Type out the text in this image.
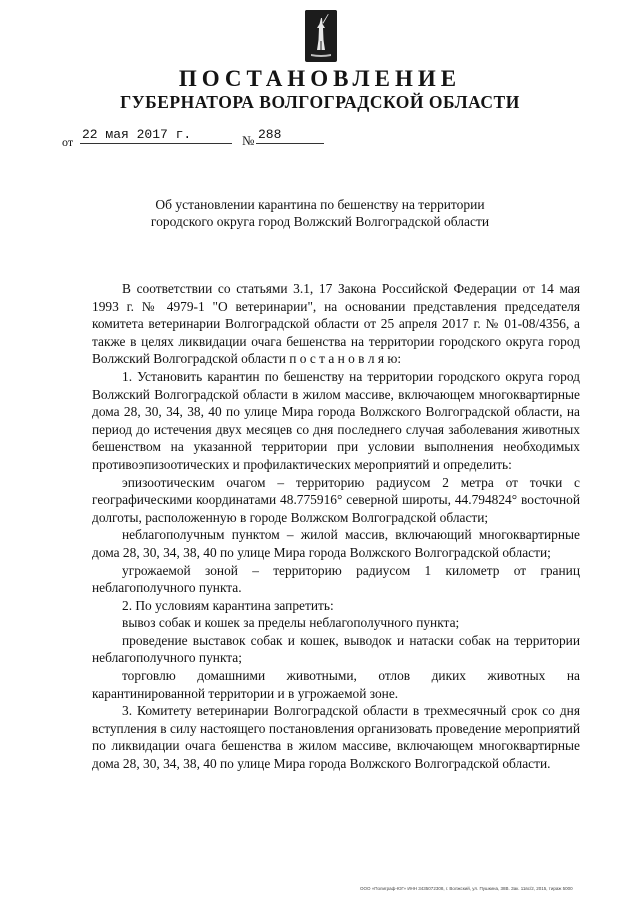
ПОСТАНОВЛЕНИЕ
ГУБЕРНАТОРА ВОЛГОГРАДСКОЙ ОБЛАСТИ
от 22 мая 2017 г.	№ 288
Об установлении карантина по бешенству на территории
городского округа город Волжский Волгоградской области

В соответствии со статьями 3.1, 17 Закона Российской Федерации от 14 мая 1993 г. № 4979-1 "О ветеринарии", на основании представления председателя комитета ветеринарии Волгоградской области от 25 апреля 2017 г. № 01-08/4356, а также в целях ликвидации очага бешенства на территории городского округа город Волжский Волгоградской области п о с т а н о в л я ю:

1. Установить карантин по бешенству на территории городского округа город Волжский Волгоградской области в жилом массиве, включающем многоквартирные дома 28, 30, 34, 38, 40 по улице Мира города Волжского Волгоградской области, на период до истечения двух месяцев со дня последнего случая заболевания животных бешенством на указанной территории при условии выполнения необходимых противоэпизоотических и профилактических мероприятий и определить:

эпизоотическим очагом – территорию радиусом 2 метра от точки с географическими координатами 48.775916° северной широты, 44.794824° восточной долготы, расположенную в городе Волжском Волгоградской области;

неблагополучным пунктом – жилой массив, включающий многоквартирные дома 28, 30, 34, 38, 40 по улице Мира города Волжского Волгоградской области;

угрожаемой зоной – территорию радиусом 1 километр от границ неблагополучного пункта.

2. По условиям карантина запретить:

вывоз собак и кошек за пределы неблагополучного пункта;

проведение выставок собак и кошек, выводок и натаски собак на территории неблагополучного пункта;

торговлю домашними животными, отлов диких животных на карантинированной территории и в угрожаемой зоне.

3. Комитету ветеринарии Волгоградской области в трехмесячный срок со дня вступления в силу настоящего постановления организовать проведение мероприятий по ликвидации очага бешенства в жилом массиве, включающем многоквартирные дома 28, 30, 34, 38, 40 по улице Мира города Волжского Волгоградской области.

ООО «Полиграф-ЮГ» ИНН 3435072308, г. Волжский, ул. Пушкина, 38В. Зак. 11вс/2, 2015, тираж 5000
